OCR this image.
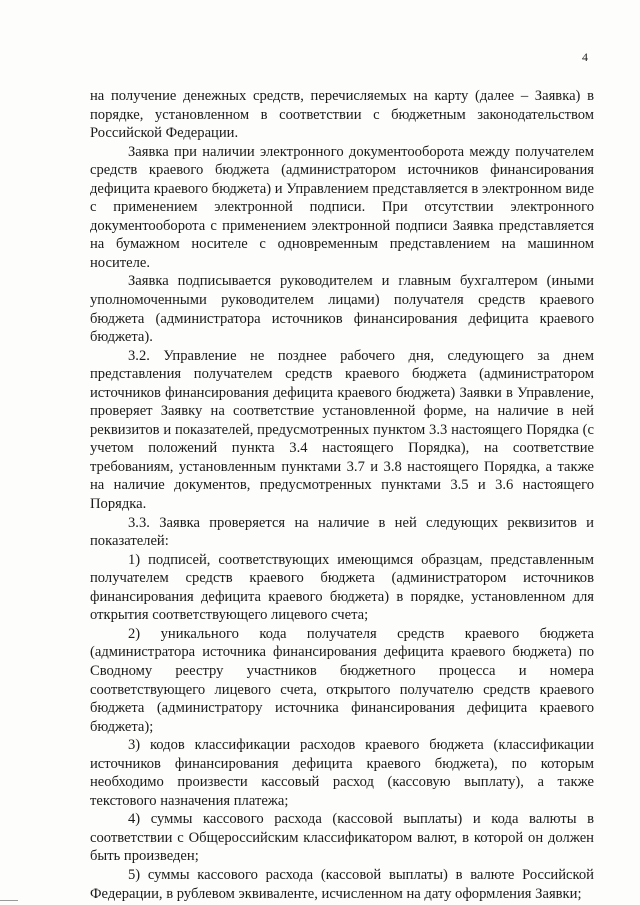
4

на получение денежных средств, перечисляемых на карту (далее – Заявка) в порядке, установленном в соответствии с бюджетным законодательством Российской Федерации.

Заявка при наличии электронного документооборота между получателем средств краевого бюджета (администратором источников финансирования дефицита краевого бюджета) и Управлением представляется в электронном виде с применением электронной подписи. При отсутствии электронного документооборота с применением электронной подписи Заявка представляется на бумажном носителе с одновременным представлением на машинном носителе.

Заявка подписывается руководителем и главным бухгалтером (иными уполномоченными руководителем лицами) получателя средств краевого бюджета (администратора источников финансирования дефицита краевого бюджета).

3.2. Управление не позднее рабочего дня, следующего за днем представления получателем средств краевого бюджета (администратором источников финансирования дефицита краевого бюджета) Заявки в Управление, проверяет Заявку на соответствие установленной форме, на наличие в ней реквизитов и показателей, предусмотренных пунктом 3.3 настоящего Порядка (с учетом положений пункта 3.4 настоящего Порядка), на соответствие требованиям, установленным пунктами 3.7 и 3.8 настоящего Порядка, а также на наличие документов, предусмотренных пунктами 3.5 и 3.6 настоящего Порядка.

3.3. Заявка проверяется на наличие в ней следующих реквизитов и показателей:

1) подписей, соответствующих имеющимся образцам, представленным получателем средств краевого бюджета (администратором источников финансирования дефицита краевого бюджета) в порядке, установленном для открытия соответствующего лицевого счета;

2) уникального кода получателя средств краевого бюджета (администратора источника финансирования дефицита краевого бюджета) по Сводному реестру участников бюджетного процесса и номера соответствующего лицевого счета, открытого получателю средств краевого бюджета (администратору источника финансирования дефицита краевого бюджета);

3) кодов классификации расходов краевого бюджета (классификации источников финансирования дефицита краевого бюджета), по которым необходимо произвести кассовый расход (кассовую выплату), а также текстового назначения платежа;

4) суммы кассового расхода (кассовой выплаты) и кода валюты в соответствии с Общероссийским классификатором валют, в которой он должен быть произведен;

5) суммы кассового расхода (кассовой выплаты) в валюте Российской Федерации, в рублевом эквиваленте, исчисленном на дату оформления Заявки;
